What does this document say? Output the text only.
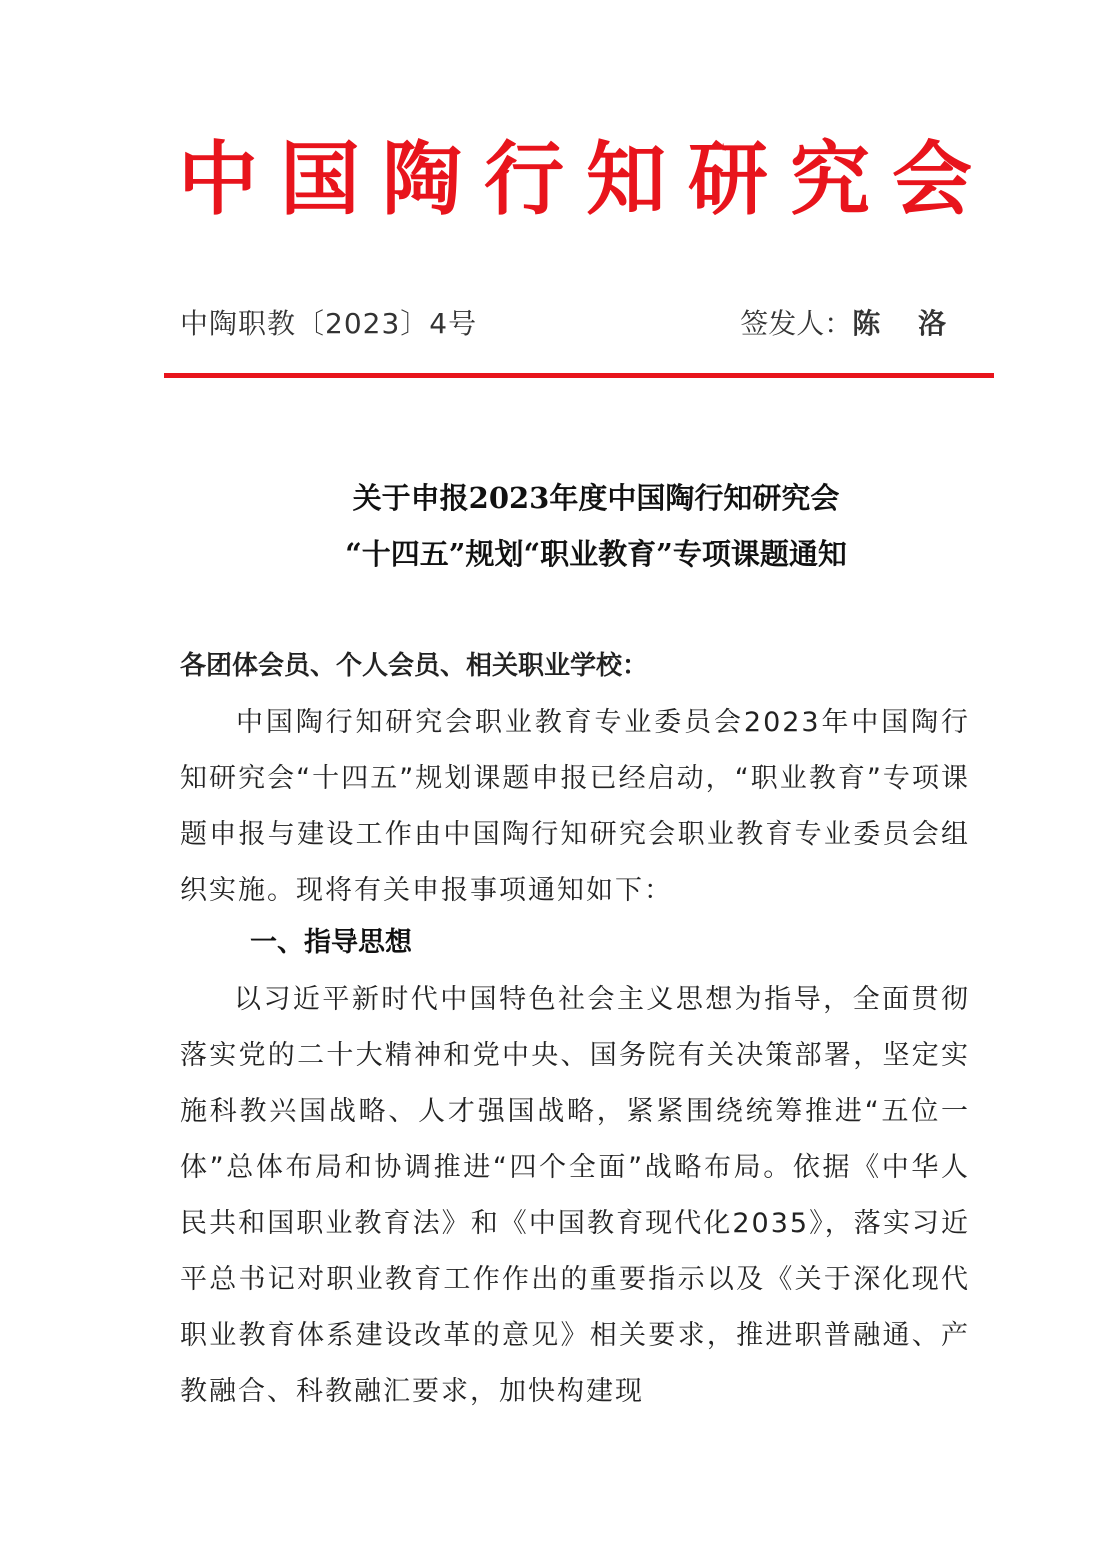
中国陶行知研究会
中陶职教〔2023〕4号	签发人：陈 洛
关于申报2023年度中国陶行知研究会
“十四五”规划“职业教育”专项课题通知
各团体会员、个人会员、相关职业学校：
中国陶行知研究会职业教育专业委员会2023年中国陶行知研究会“十四五”规划课题申报已经启动，“职业教育”专项课题申报与建设工作由中国陶行知研究会职业教育专业委员会组织实施。现将有关申报事项通知如下：
一、指导思想
以习近平新时代中国特色社会主义思想为指导，全面贯彻落实党的二十大精神和党中央、国务院有关决策部署，坚定实施科教兴国战略、人才强国战略，紧紧围绕统筹推进“五位一体”总体布局和协调推进“四个全面”战略布局。依据《中华人民共和国职业教育法》和《中国教育现代化2035》，落实习近平总书记对职业教育工作作出的重要指示以及《关于深化现代职业教育体系建设改革的意见》相关要求，推进职普融通、产教融合、科教融汇要求，加快构建现
